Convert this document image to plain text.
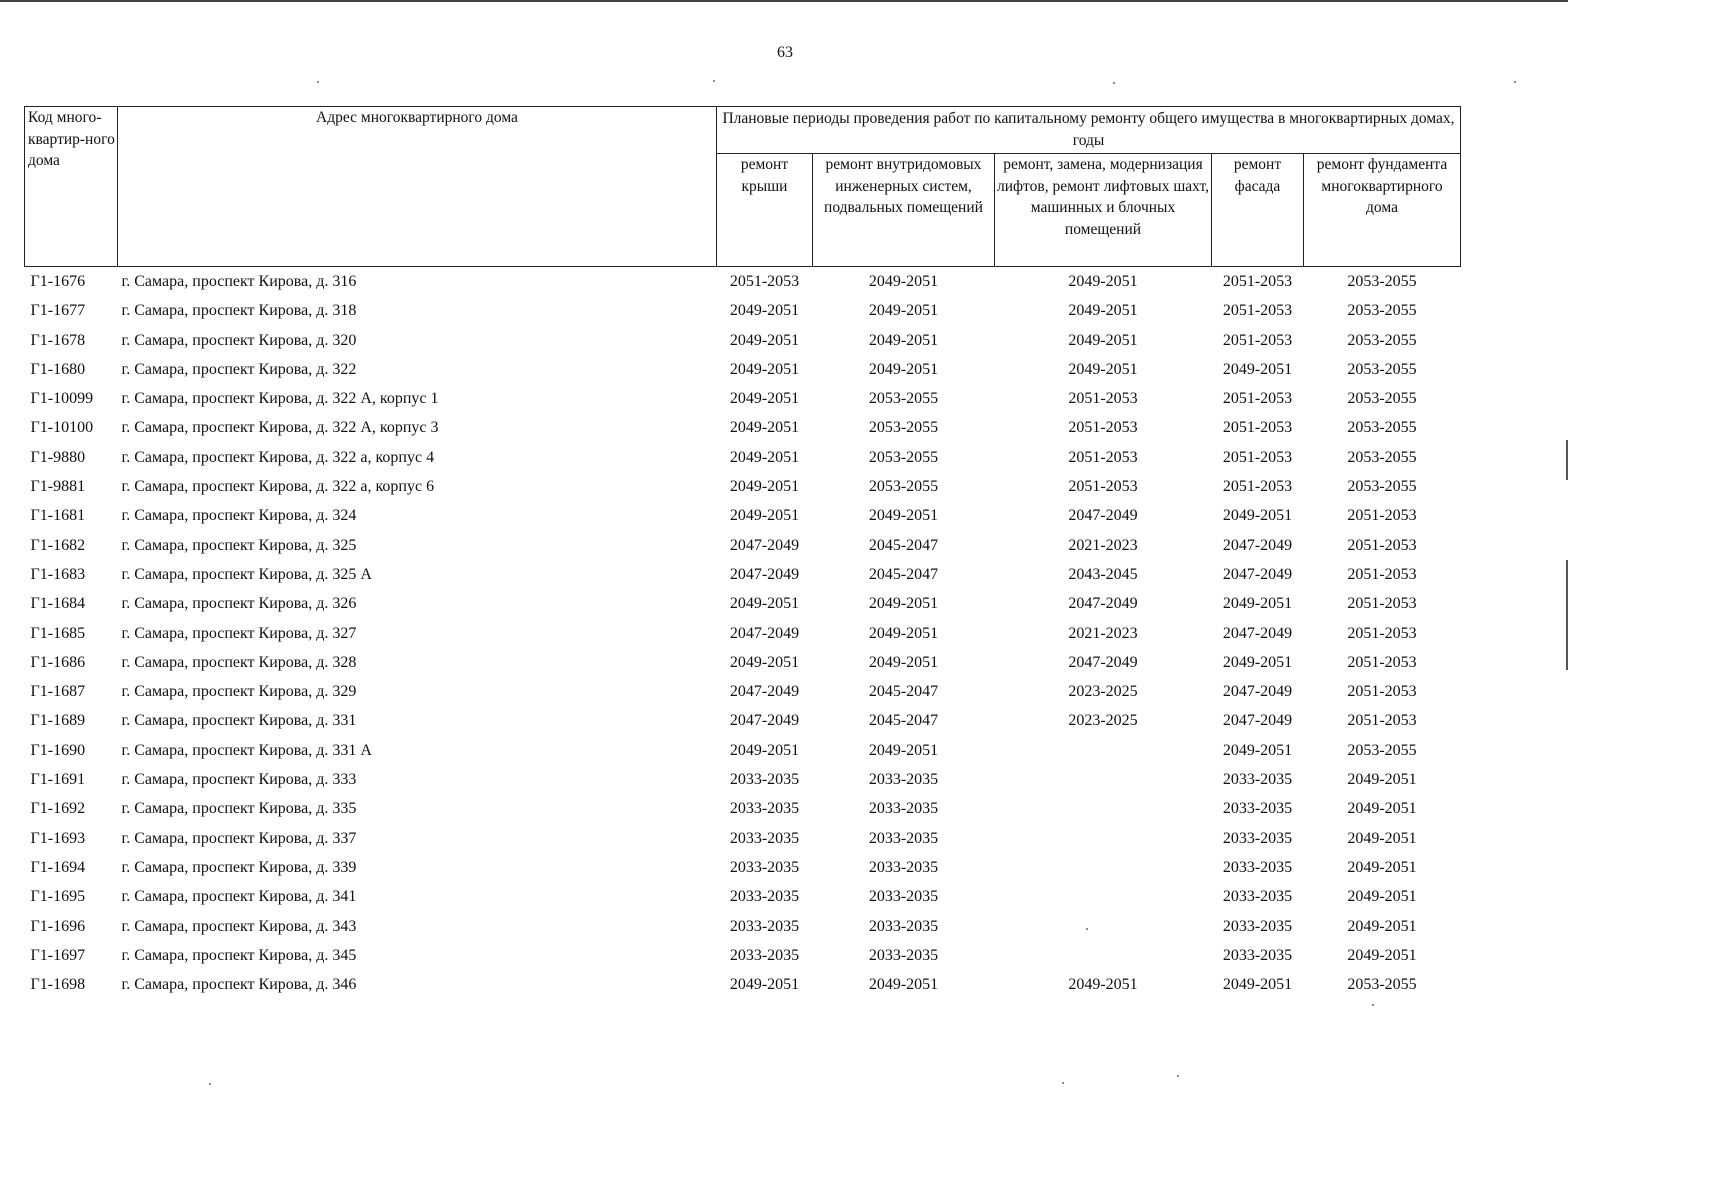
63
Код много-квартир-ного дома	Адрес многоквартирного дома	Плановые периоды проведения работ по капитальному ремонту общего имущества в многоквартирных домах, годы				
		ремонт крыши	ремонт внутридомовых инженерных систем, подвальных помещений	ремонт, замена, модернизация лифтов, ремонт лифтовых шахт, машинных и блочных помещений	ремонт фасада	ремонт фундамента многоквартирного дома
Г1-1676	г. Самара, проспект Кирова, д. 316	2051-2053	2049-2051	2049-2051	2051-2053	2053-2055
Г1-1677	г. Самара, проспект Кирова, д. 318	2049-2051	2049-2051	2049-2051	2051-2053	2053-2055
Г1-1678	г. Самара, проспект Кирова, д. 320	2049-2051	2049-2051	2049-2051	2051-2053	2053-2055
Г1-1680	г. Самара, проспект Кирова, д. 322	2049-2051	2049-2051	2049-2051	2049-2051	2053-2055
Г1-10099	г. Самара, проспект Кирова, д. 322 А, корпус 1	2049-2051	2053-2055	2051-2053	2051-2053	2053-2055
Г1-10100	г. Самара, проспект Кирова, д. 322 А, корпус 3	2049-2051	2053-2055	2051-2053	2051-2053	2053-2055
Г1-9880	г. Самара, проспект Кирова, д. 322 а, корпус 4	2049-2051	2053-2055	2051-2053	2051-2053	2053-2055
Г1-9881	г. Самара, проспект Кирова, д. 322 а, корпус 6	2049-2051	2053-2055	2051-2053	2051-2053	2053-2055
Г1-1681	г. Самара, проспект Кирова, д. 324	2049-2051	2049-2051	2047-2049	2049-2051	2051-2053
Г1-1682	г. Самара, проспект Кирова, д. 325	2047-2049	2045-2047	2021-2023	2047-2049	2051-2053
Г1-1683	г. Самара, проспект Кирова, д. 325 А	2047-2049	2045-2047	2043-2045	2047-2049	2051-2053
Г1-1684	г. Самара, проспект Кирова, д. 326	2049-2051	2049-2051	2047-2049	2049-2051	2051-2053
Г1-1685	г. Самара, проспект Кирова, д. 327	2047-2049	2049-2051	2021-2023	2047-2049	2051-2053
Г1-1686	г. Самара, проспект Кирова, д. 328	2049-2051	2049-2051	2047-2049	2049-2051	2051-2053
Г1-1687	г. Самара, проспект Кирова, д. 329	2047-2049	2045-2047	2023-2025	2047-2049	2051-2053
Г1-1689	г. Самара, проспект Кирова, д. 331	2047-2049	2045-2047	2023-2025	2047-2049	2051-2053
Г1-1690	г. Самара, проспект Кирова, д. 331 А	2049-2051	2049-2051		2049-2051	2053-2055
Г1-1691	г. Самара, проспект Кирова, д. 333	2033-2035	2033-2035		2033-2035	2049-2051
Г1-1692	г. Самара, проспект Кирова, д. 335	2033-2035	2033-2035		2033-2035	2049-2051
Г1-1693	г. Самара, проспект Кирова, д. 337	2033-2035	2033-2035		2033-2035	2049-2051
Г1-1694	г. Самара, проспект Кирова, д. 339	2033-2035	2033-2035		2033-2035	2049-2051
Г1-1695	г. Самара, проспект Кирова, д. 341	2033-2035	2033-2035		2033-2035	2049-2051
Г1-1696	г. Самара, проспект Кирова, д. 343	2033-2035	2033-2035		2033-2035	2049-2051
Г1-1697	г. Самара, проспект Кирова, д. 345	2033-2035	2033-2035		2033-2035	2049-2051
Г1-1698	г. Самара, проспект Кирова, д. 346	2049-2051	2049-2051	2049-2051	2049-2051	2053-2055
